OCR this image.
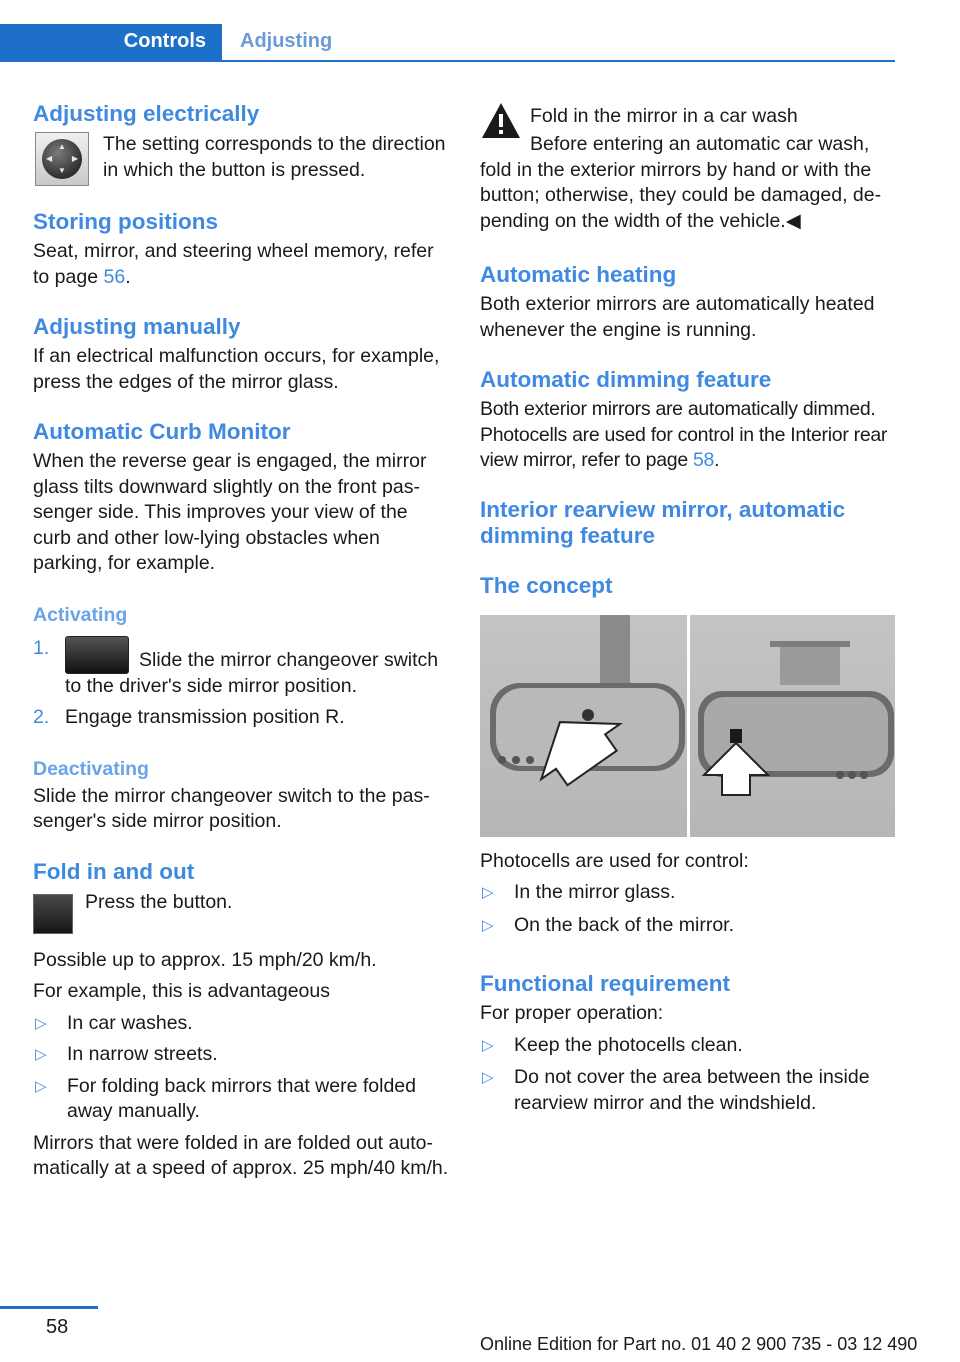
Controls	Adjusting
Adjusting electrically
▲
▼
◀ ▶

The setting corresponds to the direction in which the button is pressed.

Storing positions

Seat, mirror, and steering wheel memory, refer to page 56.

Adjusting manually

If an electrical malfunction occurs, for example, press the edges of the mirror glass.

Automatic Curb Monitor

When the reverse gear is engaged, the mirror glass tilts downward slightly on the front passenger side. This improves your view of the curb and other low-lying obstacles when parking, for example.

Activating
1.
Slide the mirror changeover switch to the driver's side mirror position.
2. Engage transmission position R.
Deactivating

Slide the mirror changeover switch to the passenger's side mirror position.

Fold in and out

Press the button.

Possible up to approx. 15 mph/20 km/h.

For example, this is advantageous

▷	In car washes.
▷	In narrow streets.
▷	For folding back mirrors that were folded away manually.

Mirrors that were folded in are folded out automatically at a speed of approx. 25 mph/40 km/h.

Fold in the mirror in a car wash

Before entering an automatic car wash, fold in the exterior mirrors by hand or with the button; otherwise, they could be damaged, depending on the width of the vehicle.◀

Automatic heating

Both exterior mirrors are automatically heated whenever the engine is running.

Automatic dimming feature

Both exterior mirrors are automatically dimmed. Photocells are used for control in the Interior rear view mirror, refer to page 58.

Interior rearview mirror, automatic dimming feature
The concept

Photocells are used for control:

▷	In the mirror glass.
▷	On the back of the mirror.
Functional requirement

For proper operation:

▷	Keep the photocells clean.
▷	Do not cover the area between the inside rearview mirror and the windshield.
58
Online Edition for Part no. 01 40 2 900 735 - 03 12 490
